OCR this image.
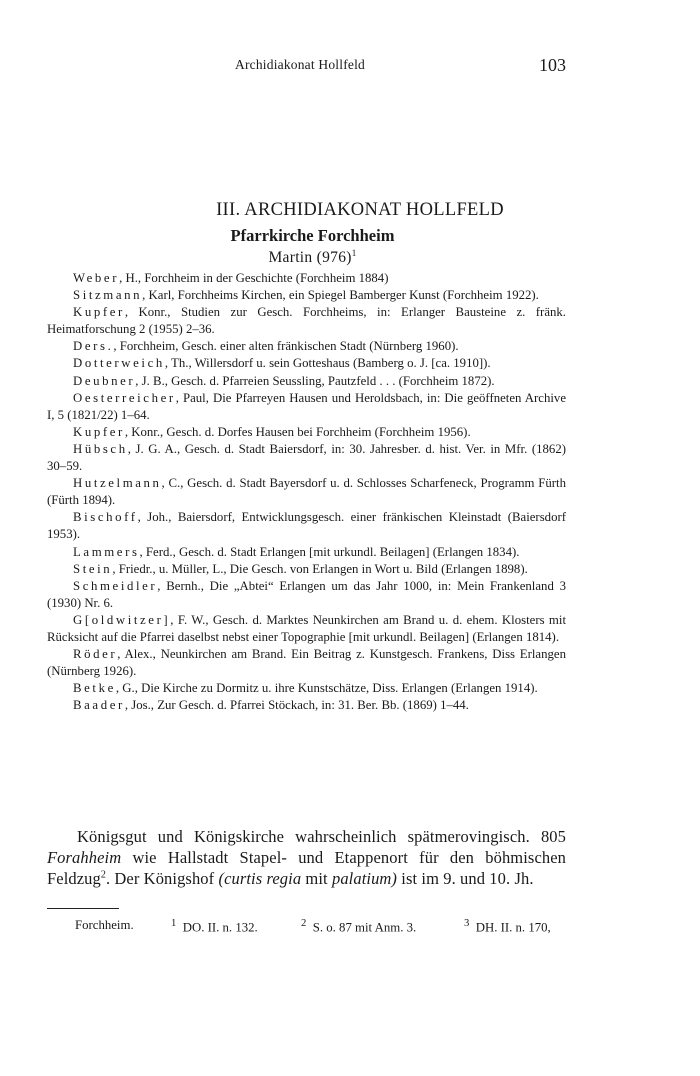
Archidiakonat Hollfeld	103
III. ARCHIDIAKONAT HOLLFELD
Pfarrkirche Forchheim
Martin $(976)^1$
Weber, H., Forchheim in der Geschichte (Forchheim 1884)
Sitzmann, Karl, Forchheims Kirchen, ein Spiegel Bamberger Kunst (Forchheim 1922).
Kupfer, Konr., Studien zur Gesch. Forchheims, in: Erlanger Bausteine z. fränk. Heimatforschung 2 (1955) 2–36.
Ders., Forchheim, Gesch. einer alten fränkischen Stadt (Nürnberg 1960).
Dotterweich, Th., Willersdorf u. sein Gotteshaus (Bamberg o. J. [ca. 1910]).
Deubner, J. B., Gesch. d. Pfarreien Seussling, Pautzfeld . . . (Forchheim 1872).
Oesterreicher, Paul, Die Pfarreyen Hausen und Heroldsbach, in: Die geöffneten Archive I, 5 (1821/22) 1–64.
Kupfer, Konr., Gesch. d. Dorfes Hausen bei Forchheim (Forchheim 1956).
Hübsch, J. G. A., Gesch. d. Stadt Baiersdorf, in: 30. Jahresber. d. hist. Ver. in Mfr. (1862) 30–59.
Hutzelmann, C., Gesch. d. Stadt Bayersdorf u. d. Schlosses Scharfeneck, Programm Fürth (Fürth 1894).
Bischoff, Joh., Baiersdorf, Entwicklungsgesch. einer fränkischen Kleinstadt (Baiersdorf 1953).
Lammers, Ferd., Gesch. d. Stadt Erlangen [mit urkundl. Beilagen] (Erlangen 1834).
Stein, Friedr., u. Müller, L., Die Gesch. von Erlangen in Wort u. Bild (Erlangen 1898).
Schmeidler, Bernh., Die „Abtei“ Erlangen um das Jahr 1000, in: Mein Frankenland 3 (1930) Nr. 6.
G[oldwitzer], F. W., Gesch. d. Marktes Neunkirchen am Brand u. d. ehem. Klosters mit Rücksicht auf die Pfarrei daselbst nebst einer Topographie [mit urkundl. Beilagen] (Erlangen 1814).
Röder, Alex., Neunkirchen am Brand. Ein Beitrag z. Kunstgesch. Frankens, Diss Erlangen (Nürnberg 1926).
Betke, G., Die Kirche zu Dormitz u. ihre Kunstschätze, Diss. Erlangen (Erlangen 1914).
Baader, Jos., Zur Gesch. d. Pfarrei Stöckach, in: 31. Ber. Bb. (1869) 1–44.

Königsgut und Königskirche wahrscheinlich spätmerovingisch. 805 Forahheim wie Hallstadt Stapel- und Etappenort für den böhmischen Feldzug$^2$. Der Königshof (curtis regia mit palatium) ist im 9. und 10. Jh.

Forchheim.	$^1$ DO. II. n. 132.	$^2$ S. o. 87 mit Anm. 3.	$^3$ DH. II. n. 170,
